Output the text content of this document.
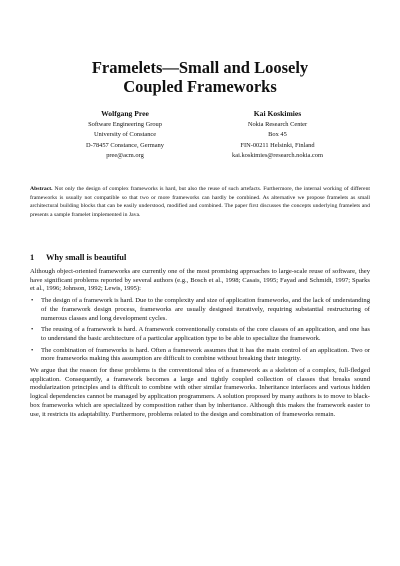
Framelets—Small and Loosely
Coupled Frameworks
Wolfgang Pree
Software Engineering Group
University of Constance
D-78457 Constance, Germany
pree@acm.org
Kai Koskimies
Nokia Research Center
Box 45
FIN-00211 Helsinki, Finland
kai.koskimies@research.nokia.com
Abstract. Not only the design of complex frameworks is hard, but also the reuse of such artefacts. Furthermore, the internal working of different frameworks is usually not compatible so that two or more frameworks can hardly be combined. As alternative we propose framelets as small architectural building blocks that can be easily understood, modified and combined. The paper first discusses the concepts underlying framelets and presents a sample framelet implemented in Java.
1 Why small is beautiful

Although object-oriented frameworks are currently one of the most promising approaches to large-scale reuse of software, they have significant problems reported by several authors (e.g., Bosch et al., 1998; Casais, 1995; Fayad and Schmidt, 1997; Sparks et al., 1996; Johnson, 1992; Lewis, 1995):

• The design of a framework is hard. Due to the complexity and size of application frameworks, and the lack of understanding of the framework design process, frameworks are usually designed iteratively, requiring substantial restructuring of numerous classes and long development cycles.
• The reusing of a framework is hard. A framework conventionally consists of the core classes of an application, and one has to understand the basic architecture of a particular application type to be able to specialize the framework.
• The combination of frameworks is hard. Often a framework assumes that it has the main control of an application. Two or more frameworks making this assumption are difficult to combine without breaking their integrity.

We argue that the reason for these problems is the conventional idea of a framework as a skeleton of a complex, full-fledged application. Consequently, a framework becomes a large and tightly coupled collection of classes that breaks sound modularization principles and is difficult to combine with other similar frameworks. Inheritance interfaces and various hidden logical dependencies cannot be managed by application programmers. A solution proposed by many authors is to move to black-box frameworks which are specialized by composition rather than by inheritance. Although this makes the framework easier to use, it restricts its adaptability. Furthermore, problems related to the design and combination of frameworks remain.
